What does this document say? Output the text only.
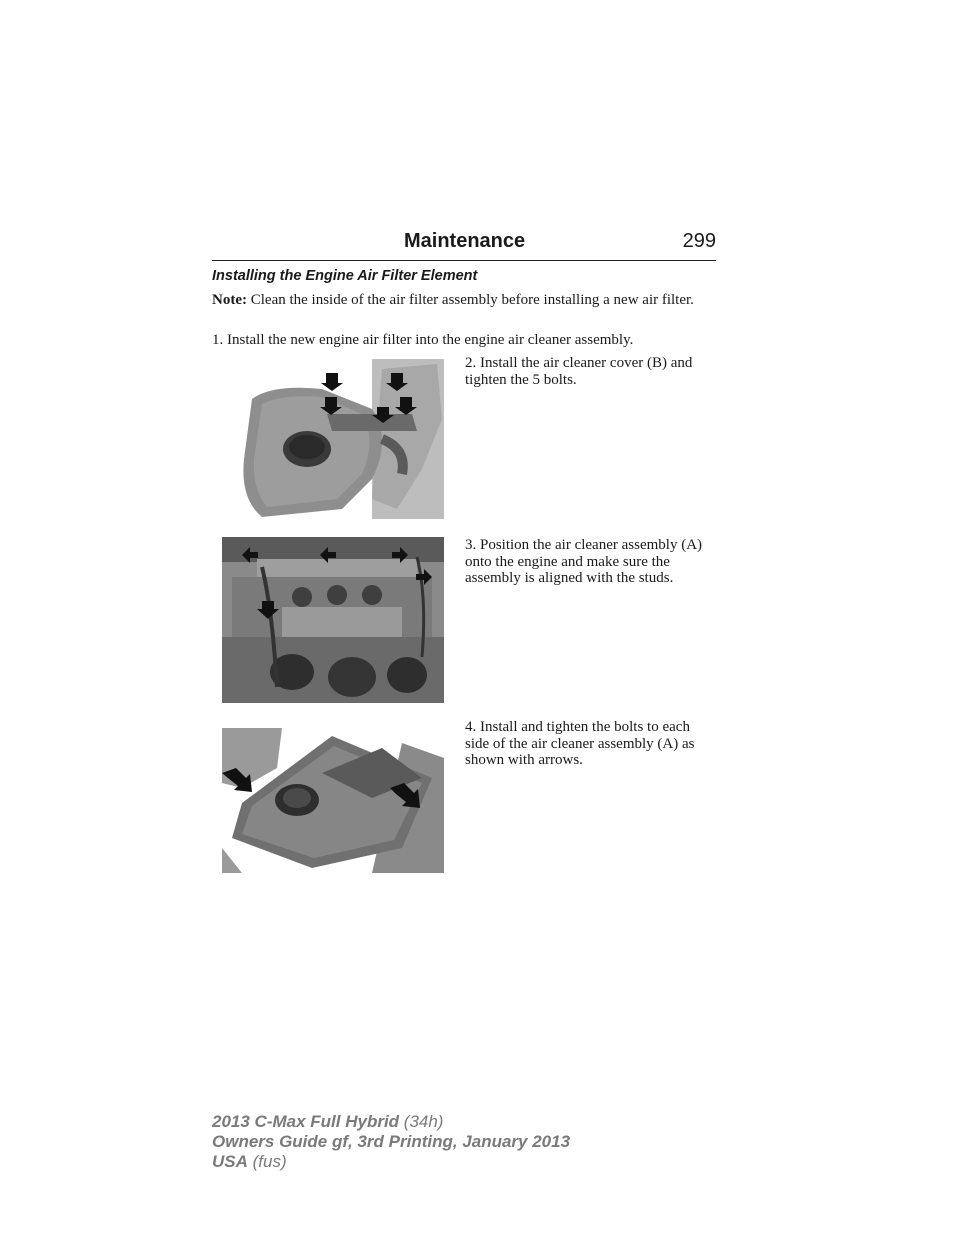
Maintenance	299
Installing the Engine Air Filter Element
Note: Clean the inside of the air filter assembly before installing a new air filter.
1. Install the new engine air filter into the engine air cleaner assembly.
2. Install the air cleaner cover (B) and tighten the 5 bolts.
3. Position the air cleaner assembly (A) onto the engine and make sure the assembly is aligned with the studs.
4. Install and tighten the bolts to each side of the air cleaner assembly (A) as shown with arrows.
2013 C-Max Full Hybrid (34h)
Owners Guide gf, 3rd Printing, January 2013
USA (fus)
